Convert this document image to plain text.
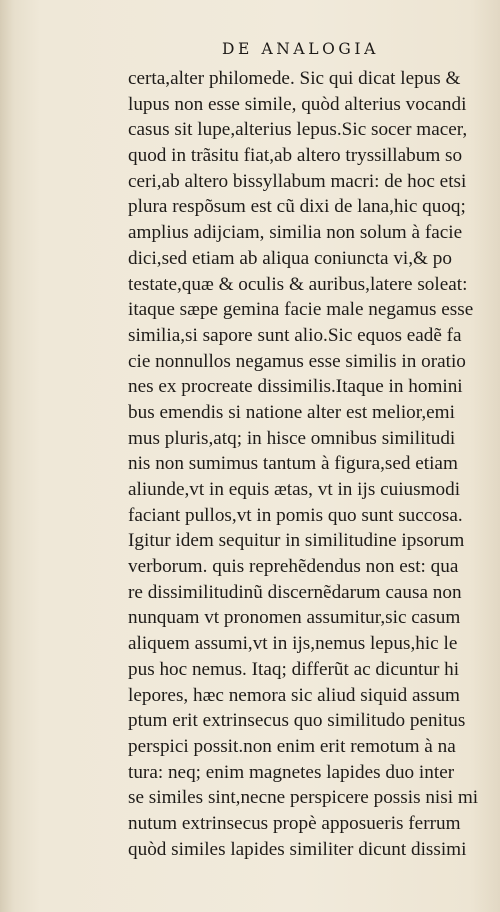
DE ANALOGIA
certa,alter philomede. Sic qui dicat lepus &
lupus non esse simile, quòd alterius vocandi
casus sit lupe,alterius lepus.Sic socer macer,
quod in trãsitu fiat,ab altero tryssillabum so
ceri,ab altero bissyllabum macri: de hoc etsi
plura respõsum est cũ dixi de lana,hic quoq;
amplius adijciam, similia non solum à facie
dici,sed etiam ab aliqua coniuncta vi,& po
testate,quæ & oculis & auribus,latere soleat:
itaque sæpe gemina facie male negamus esse
similia,si sapore sunt alio.Sic equos eadẽ fa
cie nonnullos negamus esse similis in oratio
nes ex procreate dissimilis.Itaque in homini
bus emendis si natione alter est melior,emi
mus pluris,atq; in hisce omnibus similitudi
nis non sumimus tantum à figura,sed etiam
aliunde,vt in equis ætas, vt in ijs cuiusmodi
faciant pullos,vt in pomis quo sunt succosa.
Igitur idem sequitur in similitudine ipsorum
verborum. quis reprehẽdendus non est: qua
re dissimilitudinũ discernẽdarum causa non
nunquam vt pronomen assumitur,sic casum
aliquem assumi,vt in ijs,nemus lepus,hic le
pus hoc nemus. Itaq; differũt ac dicuntur hi
lepores, hæc nemora sic aliud siquid assum
ptum erit extrinsecus quo similitudo penitus
perspici possit.non enim erit remotum à na
tura: neq; enim magnetes lapides duo inter
se similes sint,necne perspicere possis nisi mi
nutum extrinsecus propè apposueris ferrum
quòd similes lapides similiter dicunt dissimi
